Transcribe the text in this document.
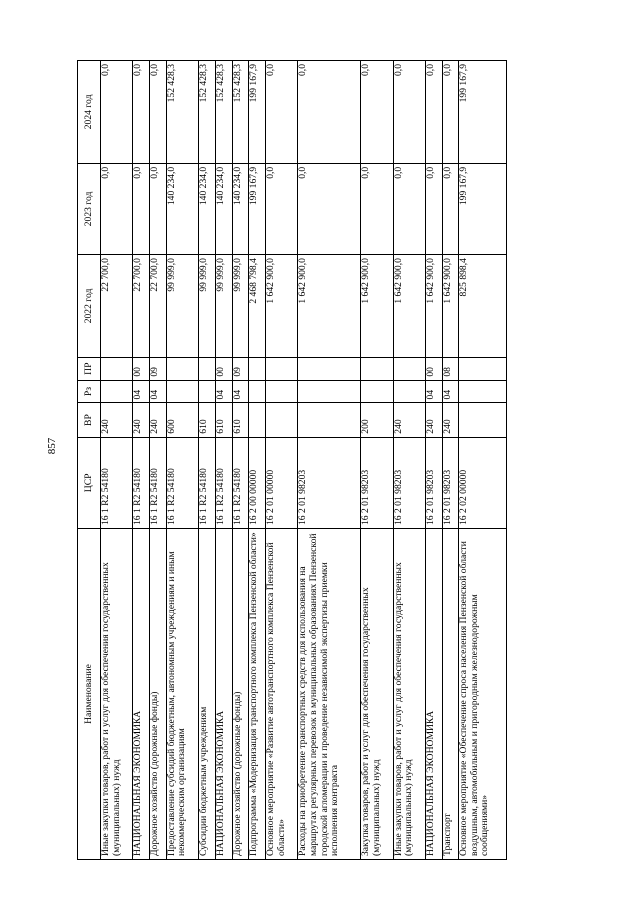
857
Наименование	ЦСР	ВР	Рз	ПР	2022 год	2023 год	2024 год
Иные закупки товаров, работ и услуг для обеспечения государственных (муниципальных) нужд	16 1 R2 54180	240			22 700,0	0,0	0,0
НАЦИОНАЛЬНАЯ ЭКОНОМИКА	16 1 R2 54180	240	04	00	22 700,0	0,0	0,0
Дорожное хозяйство (дорожные фонды)	16 1 R2 54180	240	04	09	22 700,0	0,0	0,0
Предоставление субсидий бюджетным, автономным учреждениям и иным некоммерческим организациям	16 1 R2 54180	600			99 999,0	140 234,0	152 428,3
Субсидии бюджетным учреждениям	16 1 R2 54180	610			99 999,0	140 234,0	152 428,3
НАЦИОНАЛЬНАЯ ЭКОНОМИКА	16 1 R2 54180	610	04	00	99 999,0	140 234,0	152 428,3
Дорожное хозяйство (дорожные фонды)	16 1 R2 54180	610	04	09	99 999,0	140 234,0	152 428,3
Подпрограмма «Модернизация транспортного комплекса Пензенской области»	16 2 00 00000				2 468 798,4	199 167,9	199 167,9
Основное мероприятие «Развитие автотранспортного комплекса Пензенской области»	16 2 01 00000				1 642 900,0	0,0	0,0
Расходы на приобретение транспортных средств для использования на маршрутах регулярных перевозок в муниципальных образованиях Пензенской городской агломерации и проведение независимой экспертизы приемки исполнения контракта	16 2 01 98203				1 642 900,0	0,0	0,0
Закупка товаров, работ и услуг для обеспечения государственных (муниципальных) нужд	16 2 01 98203	200			1 642 900,0	0,0	0,0
Иные закупки товаров, работ и услуг для обеспечения государственных (муниципальных) нужд	16 2 01 98203	240			1 642 900,0	0,0	0,0
НАЦИОНАЛЬНАЯ ЭКОНОМИКА	16 2 01 98203	240	04	00	1 642 900,0	0,0	0,0
Транспорт	16 2 01 98203	240	04	08	1 642 900,0	0,0	0,0
Основное мероприятие «Обеспечение спроса населения Пензенской области воздушным, автомобильным и пригородным железнодорожным сообщениями»	16 2 02 00000				825 898,4	199 167,9	199 167,9
